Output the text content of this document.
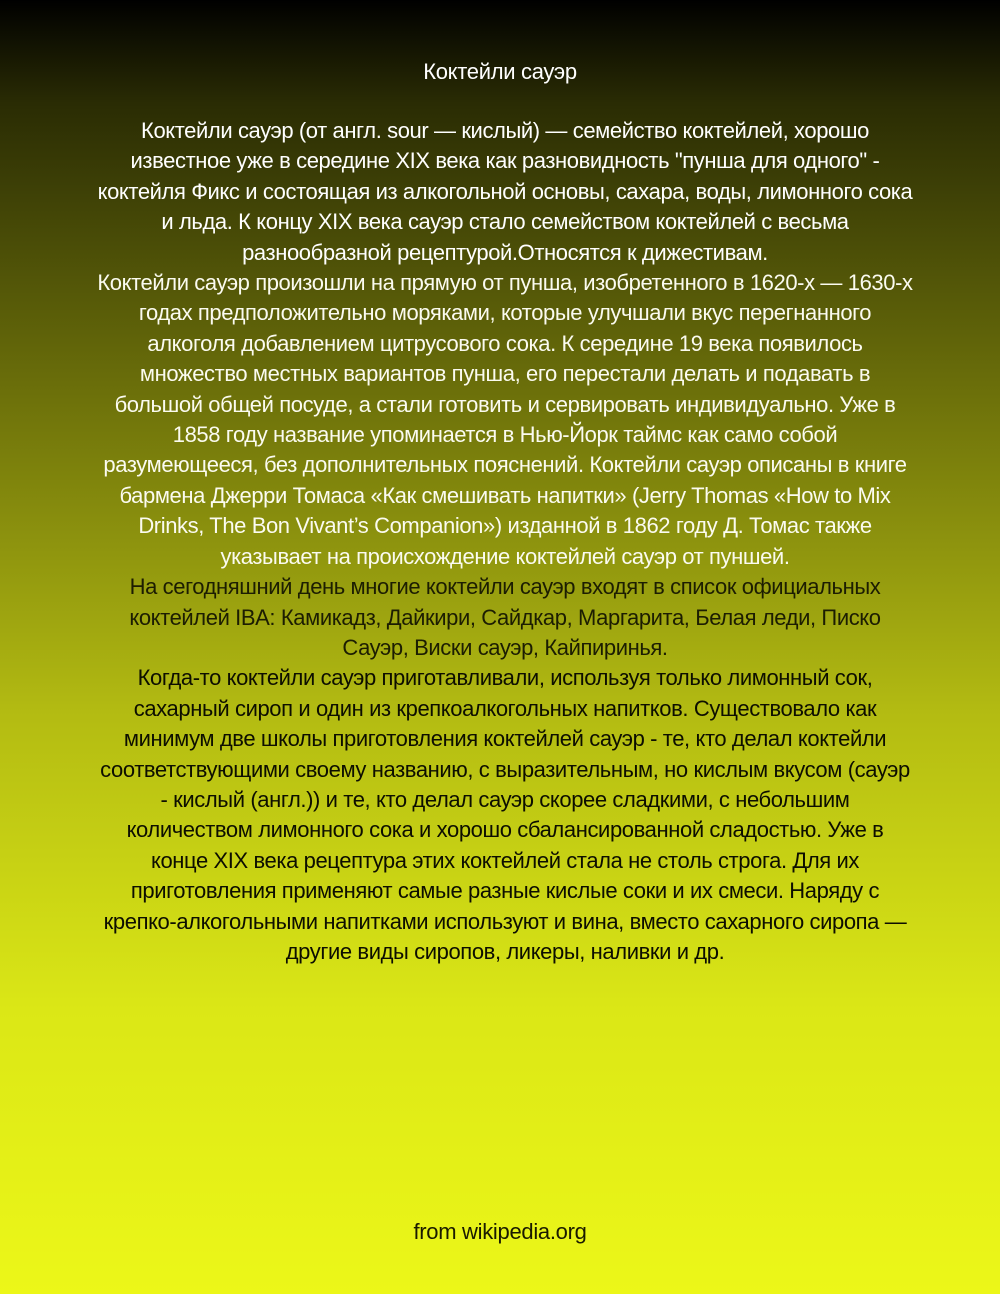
Коктейли сауэр

Коктейли сауэр (от англ. sour — кислый) — семейство коктейлей, хорошо известное уже в середине XIX века как разновидность "пунша для одного" - коктейля Фикс и состоящая из алкогольной основы, сахара, воды, лимонного сока и льда. К концу XIX века сауэр стало семейством коктейлей с весьма разнообразной рецептурой.Относятся к дижестивам.

Коктейли сауэр произошли на прямую от пунша, изобретенного в 1620-х — 1630-х годах предположительно моряками, которые улучшали вкус перегнанного алкоголя добавлением цитрусового сока. К середине 19 века появилось множество местных вариантов пунша, его перестали делать и подавать в большой общей посуде, а стали готовить и сервировать индивидуально. Уже в 1858 году название упоминается в Нью-Йорк таймс как само собой разумеющееся, без дополнительных пояснений. Коктейли сауэр описаны в книге бармена Джерри Томаса «Как смешивать напитки» (Jerry Thomas «How to Mix Drinks, The Bon Vivant’s Companion») изданной в 1862 году Д. Томас также указывает на происхождение коктейлей сауэр от пуншей.

На сегодняшний день многие коктейли сауэр входят в список официальных коктейлей IBA: Камикадз, Дайкири, Сайдкар, Маргарита, Белая леди, Писко Сауэр, Виски сауэр, Кайпиринья.

Когда-то коктейли сауэр приготавливали, используя только лимонный сок, сахарный сироп и один из крепкоалкогольных напитков. Существовало как минимум две школы приготовления коктейлей сауэр - те, кто делал коктейли соответствующими своему названию, с выразительным, но кислым вкусом (сауэр - кислый (англ.)) и те, кто делал сауэр скорее сладкими, с небольшим количеством лимонного сока и хорошо сбалансированной сладостью. Уже в конце XIX века рецептура этих коктейлей стала не столь строга. Для их приготовления применяют самые разные кислые соки и их смеси. Наряду с крепко-алкогольными напитками используют и вина, вместо сахарного сиропа — другие виды сиропов, ликеры, наливки и др.

from wikipedia.org
